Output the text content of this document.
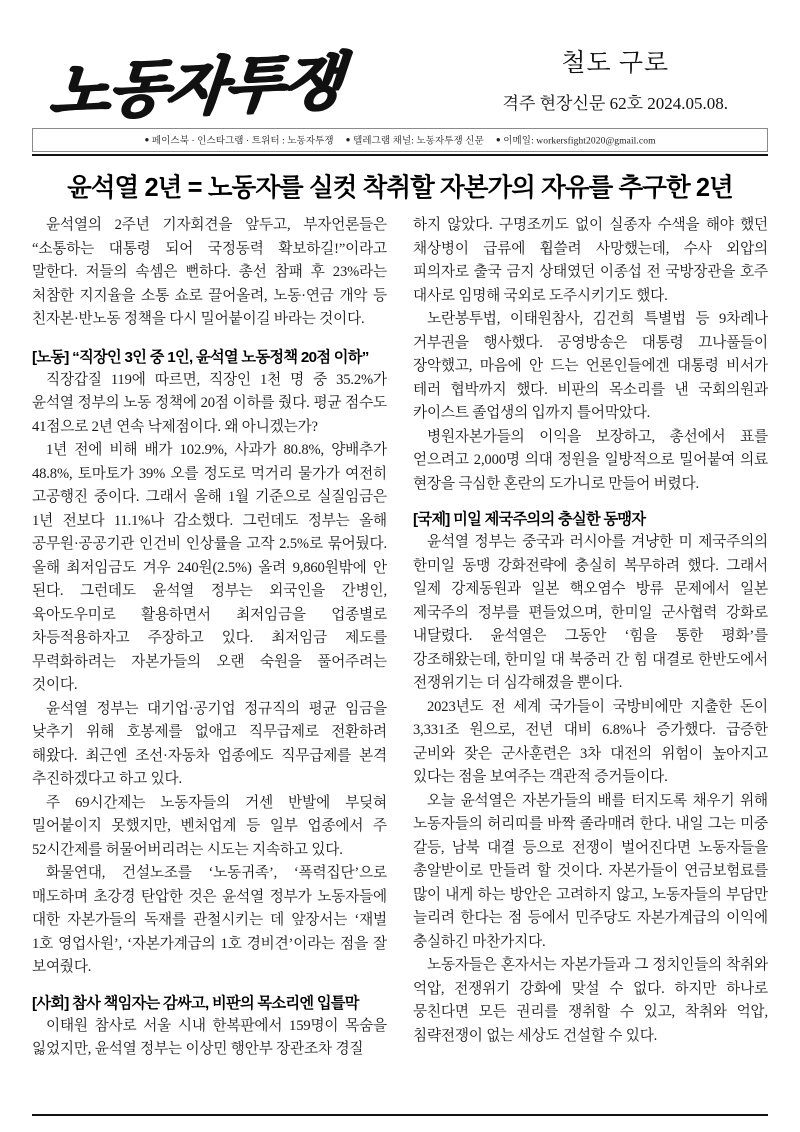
노동자투쟁	철도 구로
격주 현장신문 62호 2024.05.08.
● 페이스북 · 인스타그램 · 트위터 : 노동자투쟁 ● 텔레그램 채널: 노동자투쟁 신문 ● 이메일: workersfight2020@gmail.com
윤석열 2년 = 노동자를 실컷 착취할 자본가의 자유를 추구한 2년

윤석열의 2주년 기자회견을 앞두고, 부자언론들은 “소통하는 대통령 되어 국정동력 확보하길!”이라고 말한다. 저들의 속셈은 뻔하다. 총선 참패 후 23%라는 처참한 지지율을 소통 쇼로 끌어올려, 노동·연금 개악 등 친자본·반노동 정책을 다시 밀어붙이길 바라는 것이다.

[노동] “직장인 3인 중 1인, 윤석열 노동정책 20점 이하”

직장갑질 119에 따르면, 직장인 1천 명 중 35.2%가 윤석열 정부의 노동 정책에 20점 이하를 줬다. 평균 점수도 41점으로 2년 연속 낙제점이다. 왜 아니겠는가?

1년 전에 비해 배가 102.9%, 사과가 80.8%, 양배추가 48.8%, 토마토가 39% 오를 정도로 먹거리 물가가 여전히 고공행진 중이다. 그래서 올해 1월 기준으로 실질임금은 1년 전보다 11.1%나 감소했다. 그런데도 정부는 올해 공무원·공공기관 인건비 인상률을 고작 2.5%로 묶어뒀다. 올해 최저임금도 겨우 240원(2.5%) 올려 9,860원밖에 안 된다. 그런데도 윤석열 정부는 외국인을 간병인, 육아도우미로 활용하면서 최저임금을 업종별로 차등적용하자고 주장하고 있다. 최저임금 제도를 무력화하려는 자본가들의 오랜 숙원을 풀어주려는 것이다.

윤석열 정부는 대기업·공기업 정규직의 평균 임금을 낮추기 위해 호봉제를 없애고 직무급제로 전환하려 해왔다. 최근엔 조선·자동차 업종에도 직무급제를 본격 추진하겠다고 하고 있다.

주 69시간제는 노동자들의 거센 반발에 부딪혀 밀어붙이지 못했지만, 벤처업계 등 일부 업종에서 주 52시간제를 허물어버리려는 시도는 지속하고 있다.

화물연대, 건설노조를 ‘노동귀족’, ‘폭력집단’으로 매도하며 초강경 탄압한 것은 윤석열 정부가 노동자들에 대한 자본가들의 독재를 관철시키는 데 앞장서는 ‘재벌 1호 영업사원’, ‘자본가계급의 1호 경비견’이라는 점을 잘 보여줬다.

[사회] 참사 책임자는 감싸고, 비판의 목소리엔 입틀막

이태원 참사로 서울 시내 한복판에서 159명이 목숨을 잃었지만, 윤석열 정부는 이상민 행안부 장관조차 경질

하지 않았다. 구명조끼도 없이 실종자 수색을 해야 했던 채상병이 급류에 휩쓸려 사망했는데, 수사 외압의 피의자로 출국 금지 상태였던 이종섭 전 국방장관을 호주 대사로 임명해 국외로 도주시키기도 했다.

노란봉투법, 이태원참사, 김건희 특별법 등 9차례나 거부권을 행사했다. 공영방송은 대통령 끄나풀들이 장악했고, 마음에 안 드는 언론인들에겐 대통령 비서가 테러 협박까지 했다. 비판의 목소리를 낸 국회의원과 카이스트 졸업생의 입까지 틀어막았다.

병원자본가들의 이익을 보장하고, 총선에서 표를 얻으려고 2,000명 의대 정원을 일방적으로 밀어붙여 의료 현장을 극심한 혼란의 도가니로 만들어 버렸다.

[국제] 미일 제국주의의 충실한 동맹자

윤석열 정부는 중국과 러시아를 겨냥한 미 제국주의의 한미일 동맹 강화전략에 충실히 복무하려 했다. 그래서 일제 강제동원과 일본 핵오염수 방류 문제에서 일본 제국주의 정부를 편들었으며, 한미일 군사협력 강화로 내달렸다. 윤석열은 그동안 ‘힘을 통한 평화’를 강조해왔는데, 한미일 대 북중러 간 힘 대결로 한반도에서 전쟁위기는 더 심각해졌을 뿐이다.

2023년도 전 세계 국가들이 국방비에만 지출한 돈이 3,331조 원으로, 전년 대비 6.8%나 증가했다. 급증한 군비와 잦은 군사훈련은 3차 대전의 위험이 높아지고 있다는 점을 보여주는 객관적 증거들이다.

오늘 윤석열은 자본가들의 배를 터지도록 채우기 위해 노동자들의 허리띠를 바짝 졸라매려 한다. 내일 그는 미중 갈등, 남북 대결 등으로 전쟁이 벌어진다면 노동자들을 총알받이로 만들려 할 것이다. 자본가들이 연금보험료를 많이 내게 하는 방안은 고려하지 않고, 노동자들의 부담만 늘리려 한다는 점 등에서 민주당도 자본가계급의 이익에 충실하긴 마찬가지다.

노동자들은 혼자서는 자본가들과 그 정치인들의 착취와 억압, 전쟁위기 강화에 맞설 수 없다. 하지만 하나로 뭉친다면 모든 권리를 쟁취할 수 있고, 착취와 억압, 침략전쟁이 없는 세상도 건설할 수 있다.
